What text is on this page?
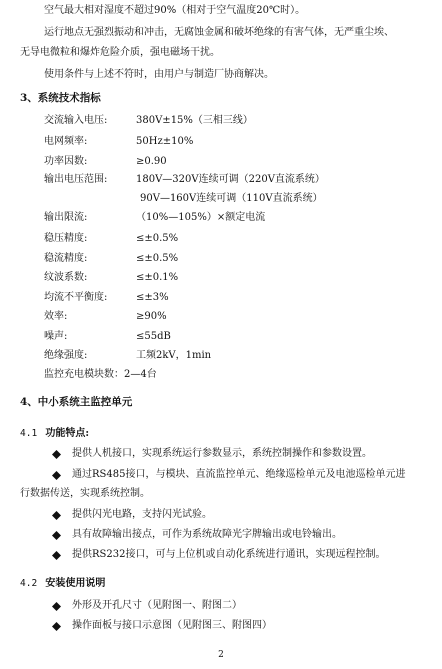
空气最大相对湿度不超过90%（相对于空气温度20℃时）。
运行地点无强烈振动和冲击，无腐蚀金属和破坏绝缘的有害气体，无严重尘埃、
无导电微粒和爆炸危险介质，强电磁场干扰。
使用条件与上述不符时，由用户与制造厂协商解决。
3、系统技术指标
交流输入电压:	380V±15%（三相三线）
电网频率:	50Hz±10%
功率因数:	≥0.90
输出电压范围:	180V—320V连续可调（220V直流系统）
90V—160V连续可调（110V直流系统）
输出限流:	（10%—105%）×额定电流
稳压精度:	≤±0.5%
稳流精度:	≤±0.5%
纹波系数:	≤±0.1%
均流不平衡度:	≤±3%
效率:	≥90%
噪声:	≤55dB
绝缘强度:	工频2kV，1min
监控充电模块数：2—4台
4、中小系统主监控单元
4.1 功能特点:
提供人机接口，实现系统运行参数显示，系统控制操作和参数设置。
通过RS485接口，与模块、直流监控单元、绝缘巡检单元及电池巡检单元进
行数据传送，实现系统控制。
提供闪光电路，支持闪光试验。
具有故障输出接点，可作为系统故障光字牌输出或电铃输出。
提供RS232接口，可与上位机或自动化系统进行通讯，实现远程控制。
4.2 安装使用说明
外形及开孔尺寸（见附图一、附图二）
操作面板与接口示意图（见附图三、附图四）
2
